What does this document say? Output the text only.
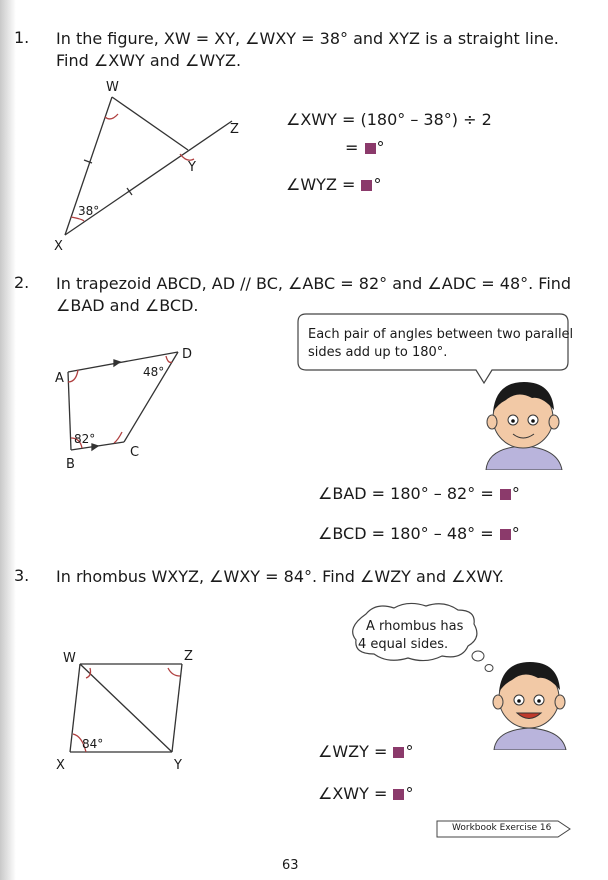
1. In the figure, XW = XY, ∠WXY = 38° and XYZ is a straight line.
Find ∠XWY and ∠WYZ.
W
Z
Y
X
38°
∠XWY = (180° – 38°) ÷ 2
= °
∠WYZ = °
2. In trapezoid ABCD, AD // BC, ∠ABC = 82° and ∠ADC = 48°. Find
∠BAD and ∠BCD.
A
D
B
C
48°
82°
Each pair of angles between two parallel
sides add up to 180°.
∠BAD = 180° – 82° = °
∠BCD = 180° – 48° = °
3. In rhombus WXYZ, ∠WXY = 84°. Find ∠WZY and ∠XWY.
W	Z
X	Y
84°
A rhombus has
4 equal sides.
∠WZY = °
∠XWY = °
Workbook Exercise 16
63
